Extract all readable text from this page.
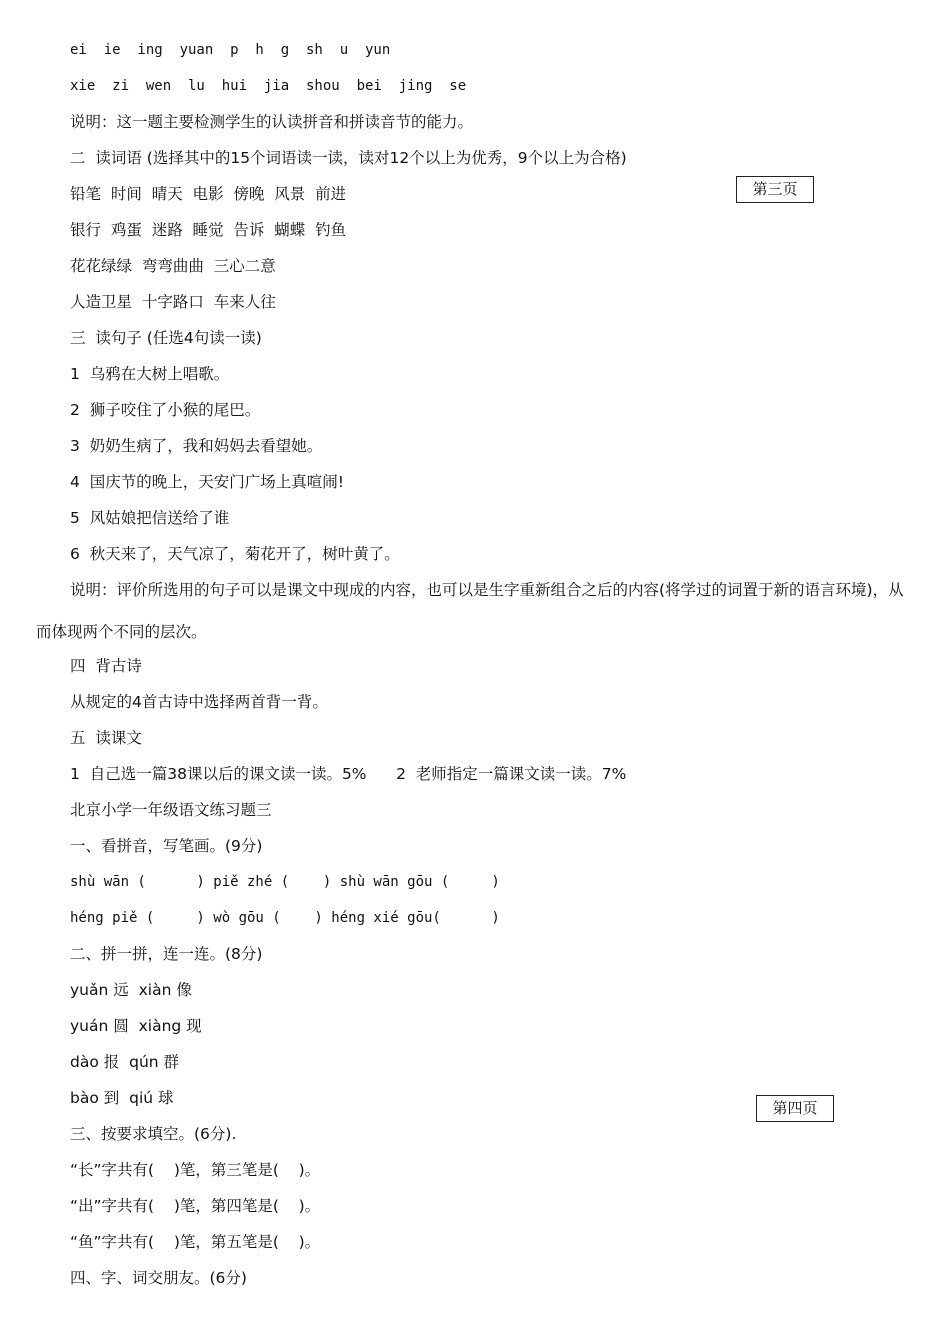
ei  ie  ing  yuan  p  h  g  sh  u  yun
xie  zi  wen  lu  hui  jia  shou  bei  jing  se
说明：这一题主要检测学生的认读拼音和拼读音节的能力。
二  读词语 (选择其中的15个词语读一读，读对12个以上为优秀，9个以上为合格)
铅笔  时间  晴天  电影  傍晚  风景  前进
银行  鸡蛋  迷路  睡觉  告诉  蝴蝶  钓鱼
花花绿绿  弯弯曲曲  三心二意
人造卫星  十字路口  车来人往
三  读句子 (任选4句读一读)
1  乌鸦在大树上唱歌。
2  狮子咬住了小猴的尾巴。
3  奶奶生病了，我和妈妈去看望她。
4  国庆节的晚上，天安门广场上真喧闹!
5  风姑娘把信送给了谁
6  秋天来了，天气凉了，菊花开了，树叶黄了。
说明：评价所选用的句子可以是课文中现成的内容，也可以是生字重新组合之后的内容(将学过的词置于新的语言环境)，从而体现两个不同的层次。
四  背古诗
从规定的4首古诗中选择两首背一背。
五  读课文
1  自己选一篇38课以后的课文读一读。5%      2  老师指定一篇课文读一读。7%
北京小学一年级语文练习题三
一、看拼音，写笔画。(9分)
shù wān (      ) piě zhé (    ) shù wān gōu (     )
héng piě (     ) wò gōu (    ) héng xié gōu(      )
二、拼一拼，连一连。(8分)
yuǎn 远  xiàn 像
yuán 圆  xiàng 现
dào 报  qún 群
bào 到  qiú 球
三、按要求填空。(6分).
“长”字共有(    )笔，第三笔是(    )。
“出”字共有(    )笔，第四笔是(    )。
“鱼”字共有(    )笔，第五笔是(    )。
四、字、词交朋友。(6分)
第三页
第四页
